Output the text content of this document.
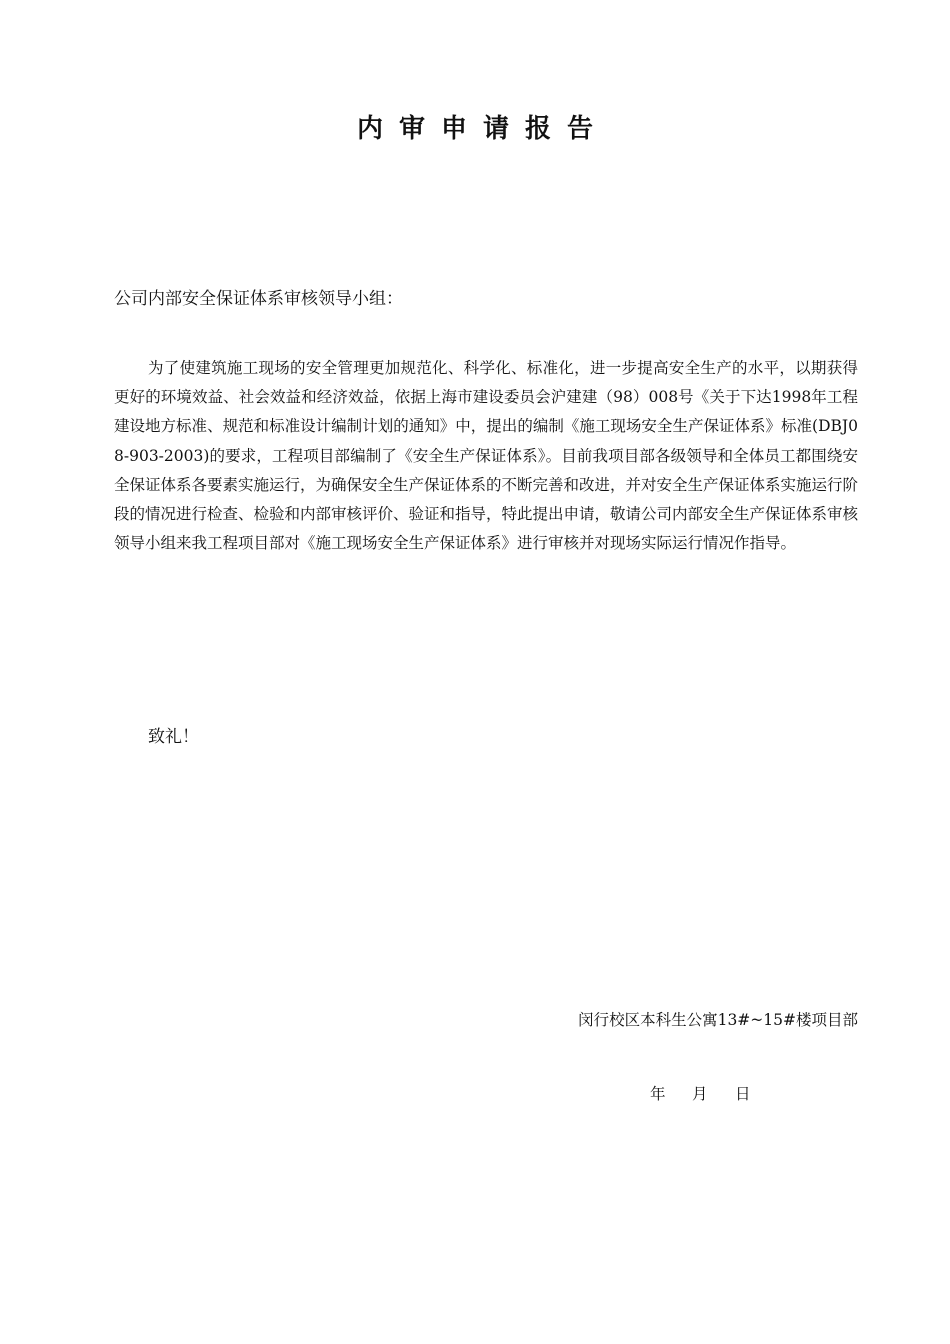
内审申请报告
公司内部安全保证体系审核领导小组：

为了使建筑施工现场的安全管理更加规范化、科学化、标准化，进一步提高安全生产的水平，以期获得更好的环境效益、社会效益和经济效益，依据上海市建设委员会沪建建（98）008号《关于下达1998年工程建设地方标准、规范和标准设计编制计划的通知》中，提出的编制《施工现场安全生产保证体系》标准(DBJ08-903-2003)的要求，工程项目部编制了《安全生产保证体系》。目前我项目部各级领导和全体员工都围绕安全保证体系各要素实施运行，为确保安全生产保证体系的不断完善和改进，并对安全生产保证体系实施运行阶段的情况进行检查、检验和内部审核评价、验证和指导，特此提出申请，敬请公司内部安全生产保证体系审核领导小组来我工程项目部对《施工现场安全生产保证体系》进行审核并对现场实际运行情况作指导。

致礼！
闵行校区本科生公寓13#~15#楼项目部
年	月	日
